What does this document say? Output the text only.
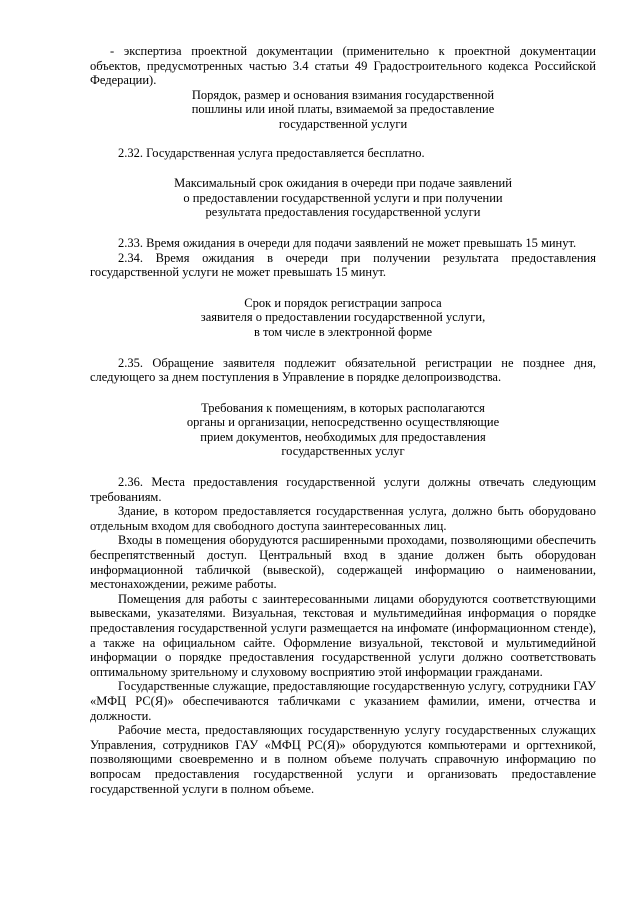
- экспертиза проектной документации (применительно к проектной документации объектов, предусмотренных частью 3.4 статьи 49 Градостроительного кодекса Российской Федерации).

Порядок, размер и основания взимания государственной
пошлины или иной платы, взимаемой за предоставление
государственной услуги

2.32. Государственная услуга предоставляется бесплатно.

Максимальный срок ожидания в очереди при подаче заявлений
о предоставлении государственной услуги и при получении
результата предоставления государственной услуги

2.33. Время ожидания в очереди для подачи заявлений не может превышать 15 минут.

2.34. Время ожидания в очереди при получении результата предоставления государственной услуги не может превышать 15 минут.

Срок и порядок регистрации запроса
заявителя о предоставлении государственной услуги,
в том числе в электронной форме

2.35. Обращение заявителя подлежит обязательной регистрации не позднее дня, следующего за днем поступления в Управление в порядке делопроизводства.

Требования к помещениям, в которых располагаются
органы и организации, непосредственно осуществляющие
прием документов, необходимых для предоставления
государственных услуг

2.36. Места предоставления государственной услуги должны отвечать следующим требованиям.

Здание, в котором предоставляется государственная услуга, должно быть оборудовано отдельным входом для свободного доступа заинтересованных лиц.

Входы в помещения оборудуются расширенными проходами, позволяющими обеспечить беспрепятственный доступ. Центральный вход в здание должен быть оборудован информационной табличкой (вывеской), содержащей информацию о наименовании, местонахождении, режиме работы.

Помещения для работы с заинтересованными лицами оборудуются соответствующими вывесками, указателями. Визуальная, текстовая и мультимедийная информация о порядке предоставления государственной услуги размещается на инфомате (информационном стенде), а также на официальном сайте. Оформление визуальной, текстовой и мультимедийной информации о порядке предоставления государственной услуги должно соответствовать оптимальному зрительному и слуховому восприятию этой информации гражданами.

Государственные служащие, предоставляющие государственную услугу, сотрудники ГАУ «МФЦ РС(Я)» обеспечиваются табличками с указанием фамилии, имени, отчества и должности.

Рабочие места, предоставляющих государственную услугу государственных служащих Управления, сотрудников ГАУ «МФЦ РС(Я)» оборудуются компьютерами и оргтехникой, позволяющими своевременно и в полном объеме получать справочную информацию по вопросам предоставления государственной услуги и организовать предоставление государственной услуги в полном объеме.
